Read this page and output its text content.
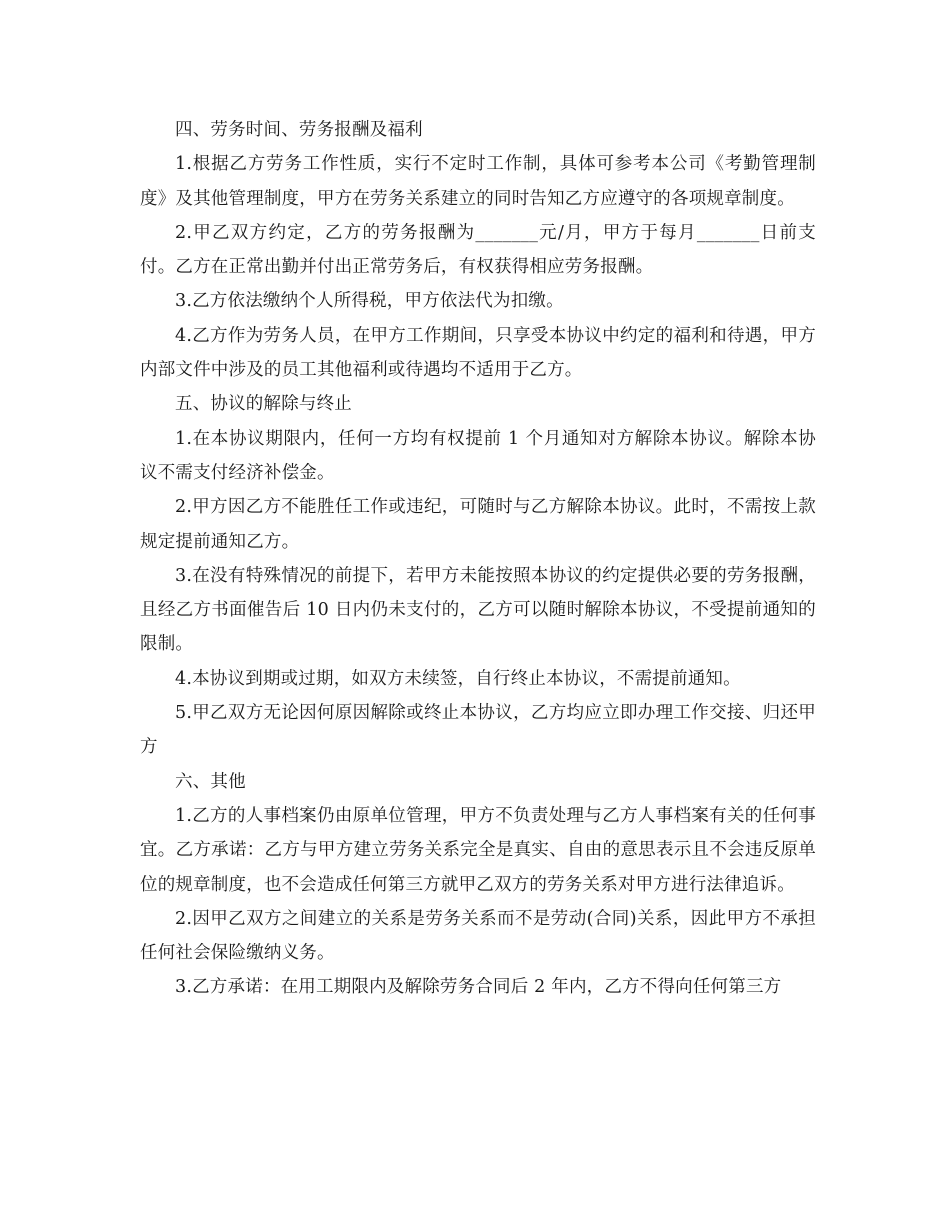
四、劳务时间、劳务报酬及福利

1.根据乙方劳务工作性质，实行不定时工作制，具体可参考本公司《考勤管理制度》及其他管理制度，甲方在劳务关系建立的同时告知乙方应遵守的各项规章制度。

2.甲乙双方约定，乙方的劳务报酬为_______元/月，甲方于每月_______日前支付。乙方在正常出勤并付出正常劳务后，有权获得相应劳务报酬。

3.乙方依法缴纳个人所得税，甲方依法代为扣缴。

4.乙方作为劳务人员，在甲方工作期间，只享受本协议中约定的福利和待遇，甲方内部文件中涉及的员工其他福利或待遇均不适用于乙方。

五、协议的解除与终止

1.在本协议期限内，任何一方均有权提前 1 个月通知对方解除本协议。解除本协议不需支付经济补偿金。

2.甲方因乙方不能胜任工作或违纪，可随时与乙方解除本协议。此时，不需按上款规定提前通知乙方。

3.在没有特殊情况的前提下，若甲方未能按照本协议的约定提供必要的劳务报酬，且经乙方书面催告后 10 日内仍未支付的，乙方可以随时解除本协议，不受提前通知的限制。

4.本协议到期或过期，如双方未续签，自行终止本协议，不需提前通知。

5.甲乙双方无论因何原因解除或终止本协议，乙方均应立即办理工作交接、归还甲方

六、其他

1.乙方的人事档案仍由原单位管理，甲方不负责处理与乙方人事档案有关的任何事宜。乙方承诺：乙方与甲方建立劳务关系完全是真实、自由的意思表示且不会违反原单位的规章制度，也不会造成任何第三方就甲乙双方的劳务关系对甲方进行法律追诉。

2.因甲乙双方之间建立的关系是劳务关系而不是劳动(合同)关系，因此甲方不承担任何社会保险缴纳义务。

3.乙方承诺：在用工期限内及解除劳务合同后 2 年内，乙方不得向任何第三方
